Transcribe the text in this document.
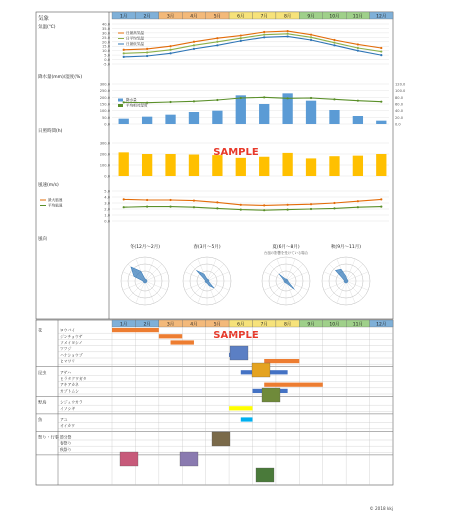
1月	2月	3月	4月	5月	6月	7月	8月	9月	10月	11月	12月
気象
気温(℃)
40.0
35.0
30.0
25.0
20.0
15.0
10.0
5.0
0.0
-5.0
日最高気温
日平均気温
日最低気温
降水量(mm)/湿度(%)
300.0
250.0
200.0
150.0
100.0
50.0
0.0
120.0
100.0
80.0
60.0
40.0
20.0
0.0
降水量
平均相対湿度
日照時間(h)
300.0
200.0
100.0
0.0
風速(m/s)
5.0
4.0
3.0
2.0
1.0
0.0
最大風速
平均風速
SAMPLE
SAMPLE
風向
冬(12月～2月)	春(3月～5月)	夏(6月～8月)
台風の影響を受けている場合
秋(9月～11月)
1月	2月	3月	4月	5月	6月	7月	8月	9月	10月	11月	12月
花	ロウバイ
ジンチョウゲ
ソメイヨシノ
ツツジ
ハナショウブ
ヒマワリ
昆虫	アゲハ
ヒラタクワガタ
アキアカネ
カブトムシ
野鳥	シジュウカラ
イソシギ
魚	アユ
オイカワ
祭り・行事 節分祭
春祭り
秋祭り
© 2018 kkj
